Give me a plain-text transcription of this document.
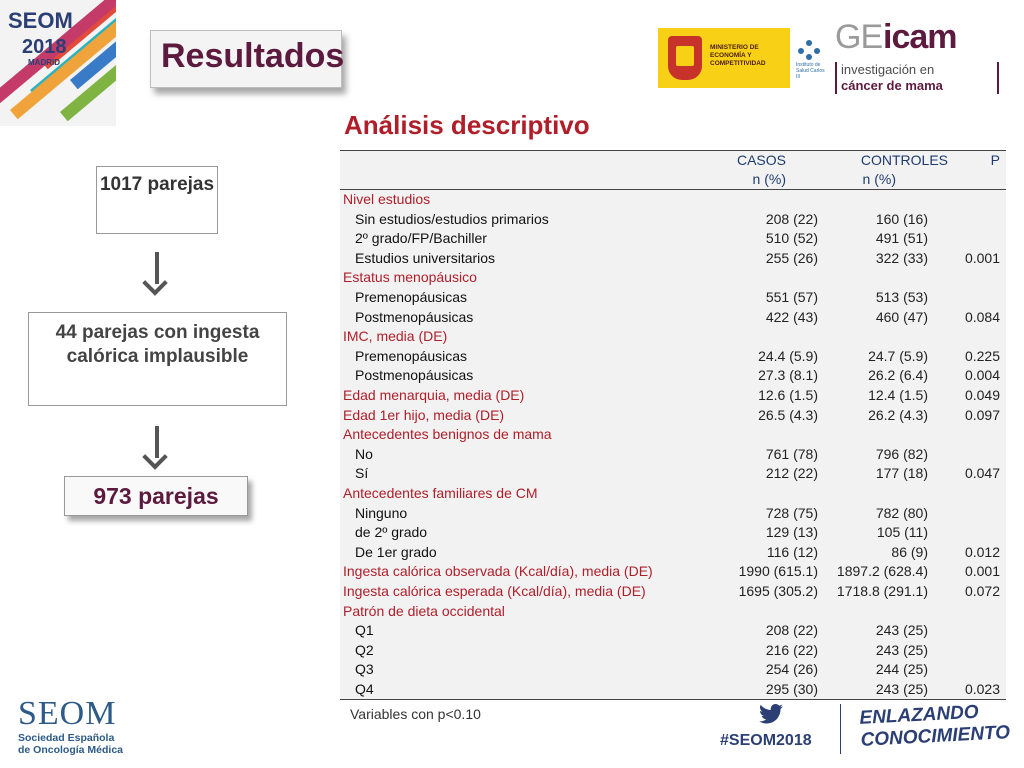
SEOM
2018
MADRID	Resultados	MINISTERIO DE ECONOMÍA Y COMPETITIVIDAD	Instituto de Salud Carlos III
GE icam
investigación en
cáncer de mama
1017 parejas
44 parejas con ingesta calórica implausible
973 parejas
Análisis descriptivo
CASOS
n (%)
CONTROLES
n (%)
P
Nivel estudios
Sin estudios/estudios primarios	208 (22)	160 (16)
2º grado/FP/Bachiller	510 (52)	491 (51)
Estudios universitarios	255 (26)	322 (33)	0.001
Estatus menopáusico
Premenopáusicas	551 (57)	513 (53)
Postmenopáusicas	422 (43)	460 (47)	0.084
IMC, media (DE)
Premenopáusicas	24.4 (5.9)	24.7 (5.9)	0.225
Postmenopáusicas	27.3 (8.1)	26.2 (6.4)	0.004
Edad menarquia, media (DE)	12.6 (1.5)	12.4 (1.5)	0.049
Edad 1er hijo, media (DE)	26.5 (4.3)	26.2 (4.3)	0.097
Antecedentes benignos de mama
No	761 (78)	796 (82)
Sí	212 (22)	177 (18)	0.047
Antecedentes familiares de CM
Ninguno	728 (75)	782 (80)
de 2º grado	129 (13)	105 (11)
De 1er grado	116 (12)	86 (9)	0.012
Ingesta calórica observada (Kcal/día), media (DE)	1990 (615.1)	1897.2 (628.4)	0.001
Ingesta calórica esperada (Kcal/día), media (DE)	1695 (305.2)	1718.8 (291.1)	0.072
Patrón de dieta occidental
Q1	208 (22)	243 (25)
Q2	216 (22)	243 (25)
Q3	254 (26)	244 (25)
Q4	295 (30)	243 (25)	0.023
Variables con p<0.10
SEOM
Sociedad Española
de Oncología Médica
#SEOM2018
ENLAZANDO
CONOCIMIENTO
